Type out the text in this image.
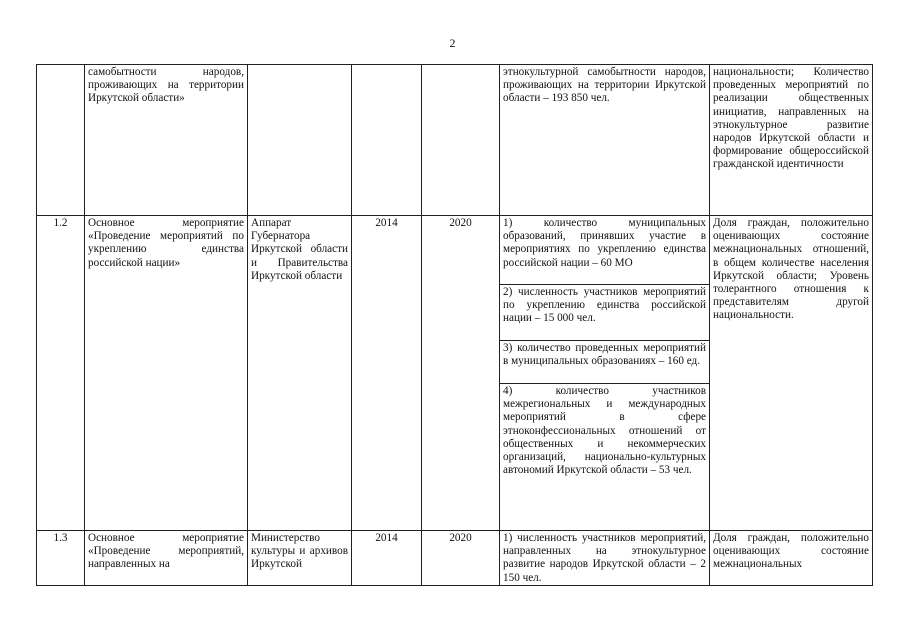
2
	самобытности народов, проживающих на территории Иркутской области»				этнокультурной самобытности народов, проживающих на территории Иркутской области – 193 850 чел.	национальности; Количество проведенных мероприятий по реализации общественных инициатив, направленных на этнокультурное развитие народов Иркутской области и формирование общероссийской гражданской идентичности
1.2	Основное мероприятие «Проведение мероприятий по укреплению единства российской нации»	Аппарат Губернатора Иркутской области и Правительства Иркутской области	2014	2020	1) количество муниципальных образований, принявших участие в мероприятиях по укреплению единства российской нации – 60 МО
2) численность участников мероприятий по укреплению единства российской нации – 15 000 чел.
3) количество проведенных мероприятий в муниципальных образованиях – 160 ед.
4) количество участников межрегиональных и международных мероприятий в сфере этноконфессиональных отношений от общественных и некоммерческих организаций, национально-культурных автономий Иркутской области – 53 чел.	Доля граждан, положительно оценивающих состояние межнациональных отношений, в общем количестве населения Иркутской области; Уровень толерантного отношения к представителям другой национальности.
1.3	Основное мероприятие «Проведение мероприятий, направленных на	Министерство культуры и архивов Иркутской	2014	2020	1) численность участников мероприятий, направленных на этнокультурное развитие народов Иркутской области – 2 150 чел.	Доля граждан, положительно оценивающих состояние межнациональных
